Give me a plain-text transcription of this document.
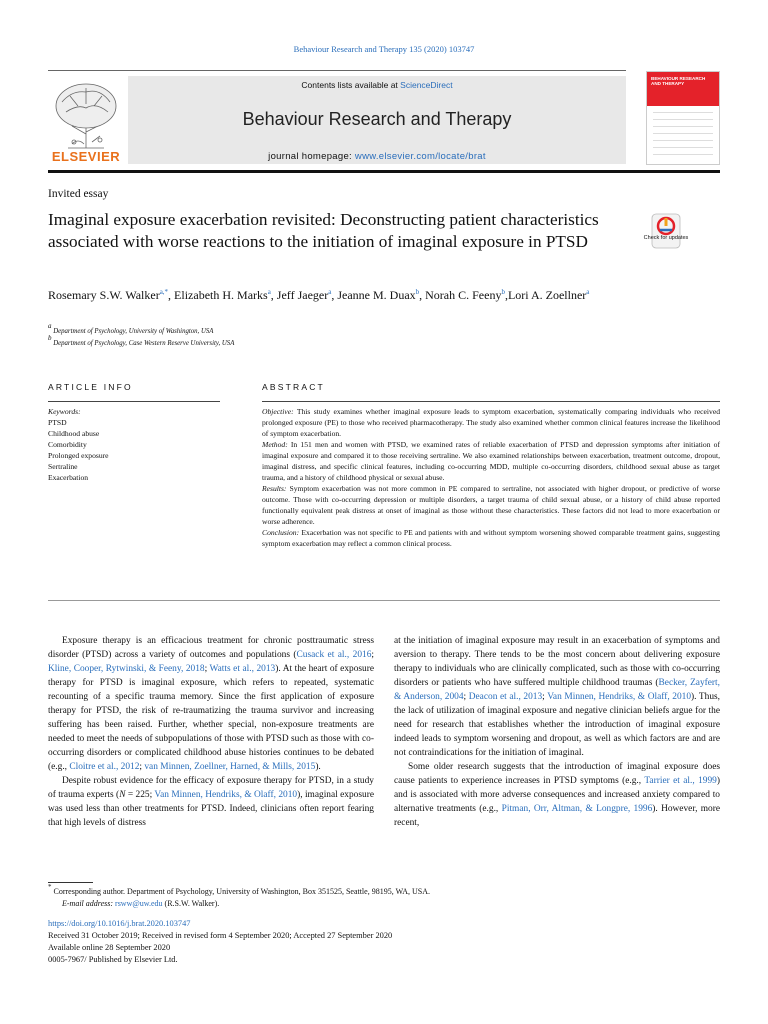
Behaviour Research and Therapy 135 (2020) 103747
ELSEVIER
Contents lists available at ScienceDirect
Behaviour Research and Therapy
journal homepage: www.elsevier.com/locate/brat
BEHAVIOUR RESEARCH AND THERAPY
Invited essay
Imaginal exposure exacerbation revisited: Deconstructing patient characteristics associated with worse reactions to the initiation of imaginal exposure in PTSD	Check for updates
Rosemary S.W. Walker$^{a,*}$, Elizabeth H. Marks$^a$, Jeff Jaeger$^a$, Jeanne M. Duax$^b$, Norah C. Feeny$^b$,Lori A. Zoellner$^a$
$^a$ Department of Psychology, University of Washington, USA
$^b$ Department of Psychology, Case Western Reserve University, USA
ARTICLE INFO	ABSTRACT
Keywords:
PTSD
Childhood abuse
Comorbidity
Prolonged exposure
Sertraline
Exacerbation

Objective: This study examines whether imaginal exposure leads to symptom exacerbation, systematically comparing individuals who received prolonged exposure (PE) to those who received pharmacotherapy. The study also examined whether common clinical features increase the likelihood of symptom exacerbation.

Method: In 151 men and women with PTSD, we examined rates of reliable exacerbation of PTSD and depression symptoms after initiation of imaginal exposure and compared it to those receiving sertraline. We also examined relationships between exacerbation, treatment outcome, dropout, imaginal distress, and specific clinical features, including co-occurring MDD, multiple co-occurring disorders, childhood sexual abuse as target trauma, and a history of childhood physical or sexual abuse.

Results: Symptom exacerbation was not more common in PE compared to sertraline, not associated with higher dropout, or predictive of worse outcome. Those with co-occurring depression or multiple disorders, a target trauma of child sexual abuse, or a history of child abuse reported functionally equivalent peak distress at onset of imaginal as those without these characteristics. These factors did not lead to more exacerbation or worse adherence.

Conclusion: Exacerbation was not specific to PE and patients with and without symptom worsening showed comparable treatment gains, suggesting symptom exacerbation may reflect a common clinical process.

Exposure therapy is an efficacious treatment for chronic posttraumatic stress disorder (PTSD) across a variety of outcomes and populations (Cusack et al., 2016; Kline, Cooper, Rytwinski, & Feeny, 2018; Watts et al., 2013). At the heart of exposure therapy for PTSD is imaginal exposure, which refers to repeated, systematic recounting of a specific trauma memory. Since the first application of exposure therapy for PTSD, the risk of re-traumatizing the trauma survivor and increasing suffering has been raised. Further, whether special, non-exposure treatments are needed to meet the needs of subpopulations of those with PTSD such as those with co-occurring disorders or complicated childhood abuse histories continues to be debated (e.g., Cloitre et al., 2012; van Minnen, Zoellner, Harned, & Mills, 2015).

Despite robust evidence for the efficacy of exposure therapy for PTSD, in a study of trauma experts (N = 225; Van Minnen, Hendriks, & Olaff, 2010), imaginal exposure was used less than other treatments for PTSD. Indeed, clinicians often report fearing that high levels of distress

at the initiation of imaginal exposure may result in an exacerbation of symptoms and aversion to therapy. There tends to be the most concern about delivering exposure therapy to individuals who are clinically complicated, such as those with co-occurring disorders or patients who have suffered multiple childhood traumas (Becker, Zayfert, & Anderson, 2004; Deacon et al., 2013; Van Minnen, Hendriks, & Olaff, 2010). Thus, the lack of utilization of imaginal exposure and negative clinician beliefs argue for the need for research that establishes whether the introduction of imaginal exposure indeed leads to symptom worsening and dropout, as well as which factors are and are not contraindications for the initiation of imaginal.

Some older research suggests that the introduction of imaginal exposure does cause patients to experience increases in PTSD symptoms (e.g., Tarrier et al., 1999) and is associated with more adverse consequences and increased anxiety compared to alternative treatments (e.g., Pitman, Orr, Altman, & Longpre, 1996). However, more recent,

* Corresponding author. Department of Psychology, University of Washington, Box 351525, Seattle, 98195, WA, USA.
E-mail address: rsww@uw.edu (R.S.W. Walker).
https://doi.org/10.1016/j.brat.2020.103747
Received 31 October 2019; Received in revised form 4 September 2020; Accepted 27 September 2020
Available online 28 September 2020
0005-7967/ Published by Elsevier Ltd.
